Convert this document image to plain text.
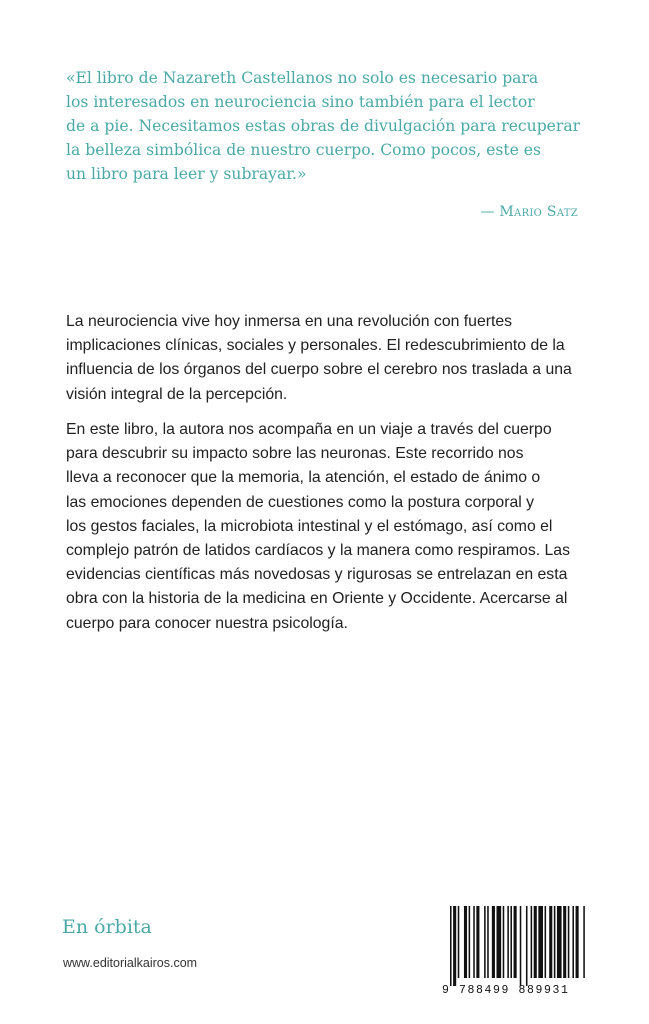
«El libro de Nazareth Castellanos no solo es necesario para
los interesados en neurociencia sino también para el lector
de a pie. Necesitamos estas obras de divulgación para recuperar
la belleza simbólica de nuestro cuerpo. Como pocos, este es
un libro para leer y subrayar.»
— Mario Satz
La neurociencia vive hoy inmersa en una revolución con fuertes
implicaciones clínicas, sociales y personales. El redescubrimiento de la
influencia de los órganos del cuerpo sobre el cerebro nos traslada a una
visión integral de la percepción.
En este libro, la autora nos acompaña en un viaje a través del cuerpo
para descubrir su impacto sobre las neuronas. Este recorrido nos
lleva a reconocer que la memoria, la atención, el estado de ánimo o
las emociones dependen de cuestiones como la postura corporal y
los gestos faciales, la microbiota intestinal y el estómago, así como el
complejo patrón de latidos cardíacos y la manera como respiramos. Las
evidencias científicas más novedosas y rigurosas se entrelazan en esta
obra con la historia de la medicina en Oriente y Occidente. Acercarse al
cuerpo para conocer nuestra psicología.
En órbita
www.editorialkairos.com
9 788499 889931
